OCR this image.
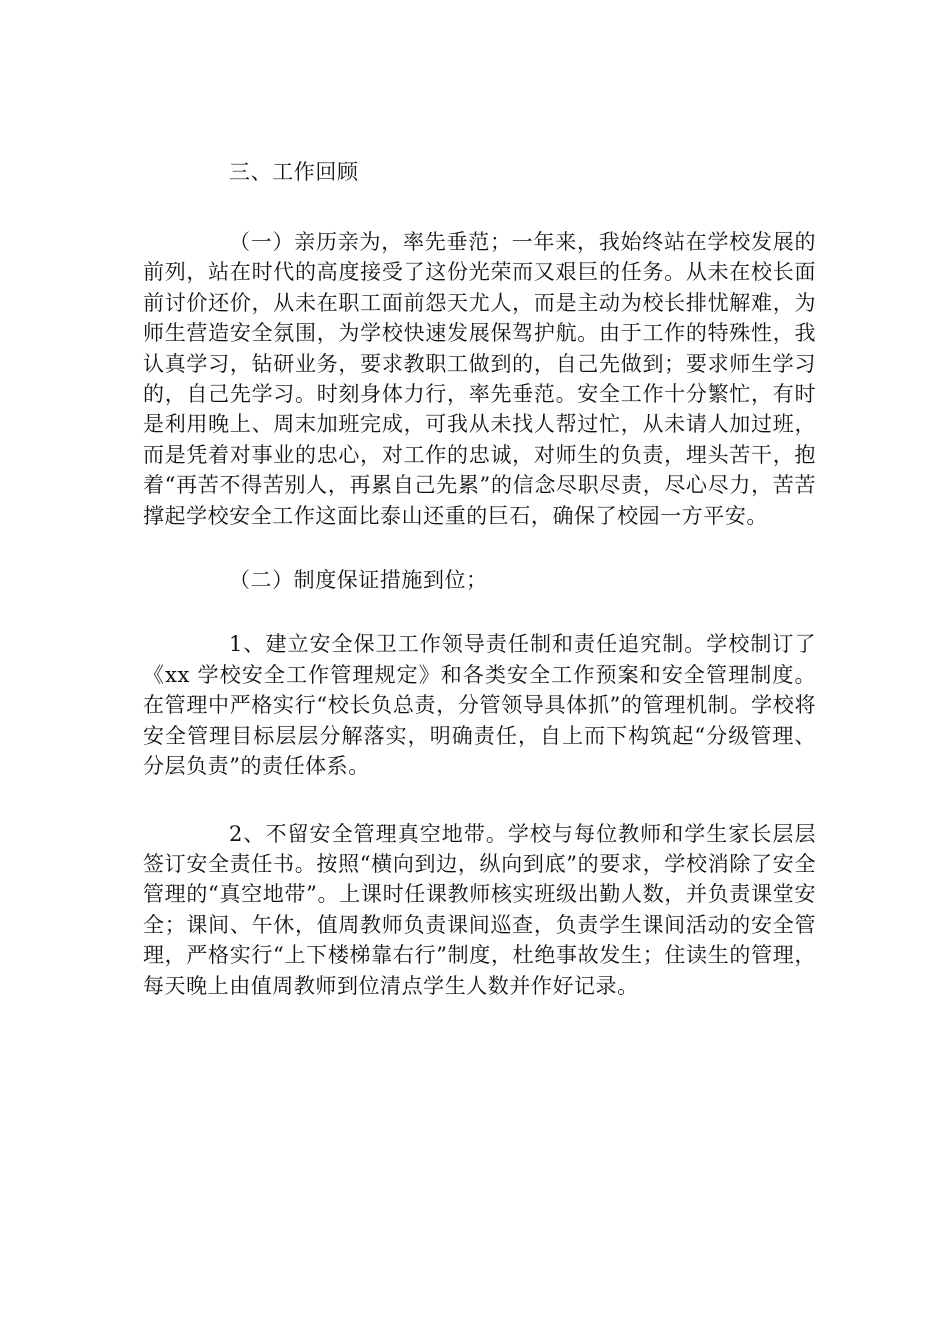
三、工作回顾

（一）亲历亲为，率先垂范；一年来，我始终站在学校发展的前列，站在时代的高度接受了这份光荣而又艰巨的任务。从未在校长面前讨价还价，从未在职工面前怨天尤人，而是主动为校长排忧解难，为师生营造安全氛围，为学校快速发展保驾护航。由于工作的特殊性，我认真学习，钻研业务，要求教职工做到的，自己先做到；要求师生学习的，自己先学习。时刻身体力行，率先垂范。安全工作十分繁忙，有时是利用晚上、周末加班完成，可我从未找人帮过忙，从未请人加过班，而是凭着对事业的忠心，对工作的忠诚，对师生的负责，埋头苦干，抱着“再苦不得苦别人，再累自己先累”的信念尽职尽责，尽心尽力，苦苦撑起学校安全工作这面比泰山还重的巨石，确保了校园一方平安。

（二）制度保证措施到位；

1、建立安全保卫工作领导责任制和责任追究制。学校制订了《xx 学校安全工作管理规定》和各类安全工作预案和安全管理制度。在管理中严格实行“校长负总责，分管领导具体抓”的管理机制。学校将安全管理目标层层分解落实，明确责任，自上而下构筑起“分级管理、分层负责”的责任体系。

2、不留安全管理真空地带。学校与每位教师和学生家长层层签订安全责任书。按照“横向到边，纵向到底”的要求，学校消除了安全管理的“真空地带”。上课时任课教师核实班级出勤人数，并负责课堂安全；课间、午休，值周教师负责课间巡查，负责学生课间活动的安全管理，严格实行“上下楼梯靠右行”制度，杜绝事故发生；住读生的管理，每天晚上由值周教师到位清点学生人数并作好记录。
